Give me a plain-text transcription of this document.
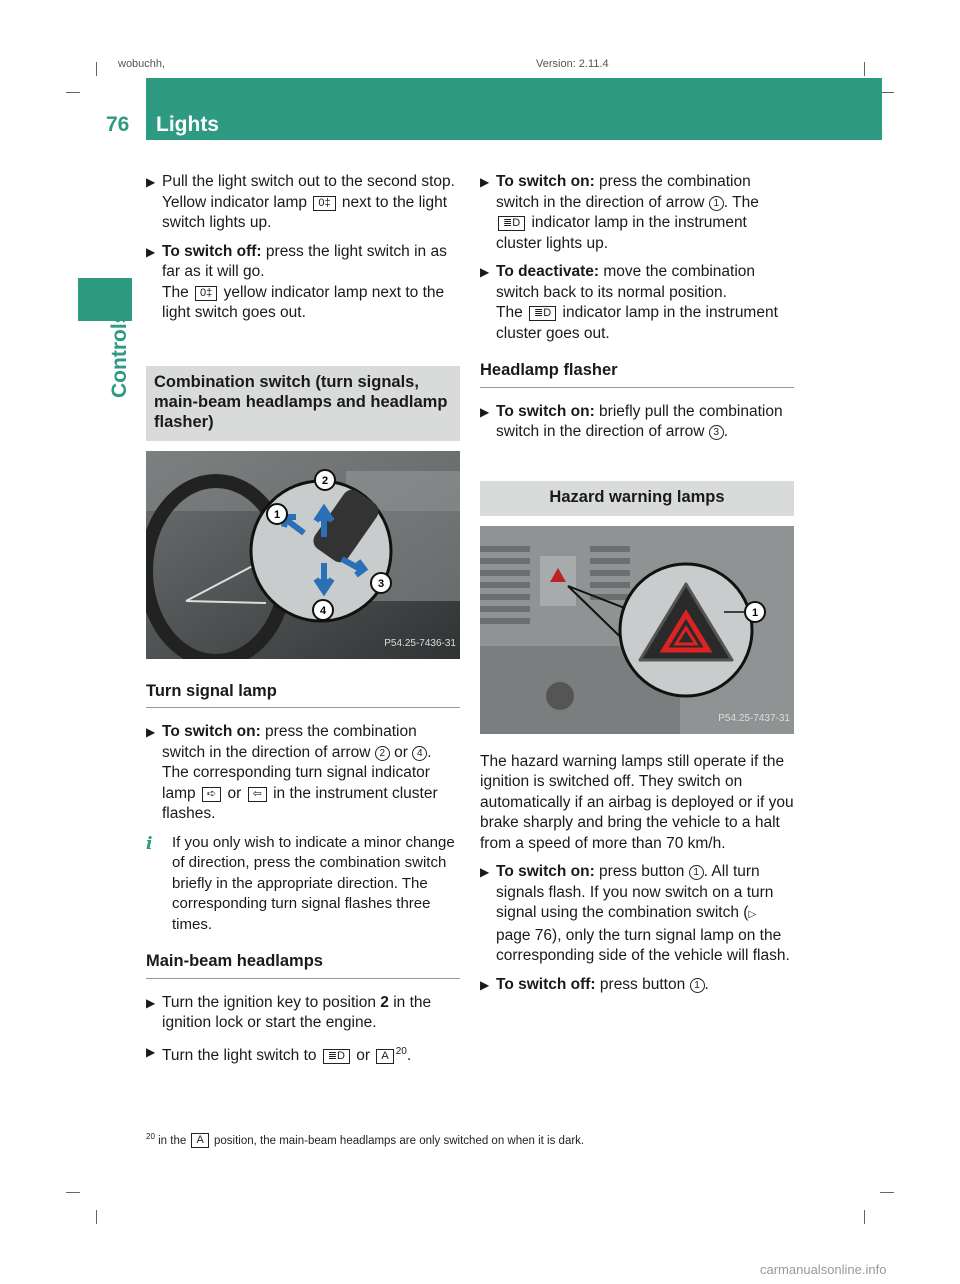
wobuchh,	Version: 2.11.4
76 Lights
Controls
▶ Pull the light switch out to the second stop. Yellow indicator lamp 0‡ next to the light switch lights up.
▶ To switch off: press the light switch in as far as it will go.
The 0‡ yellow indicator lamp next to the light switch goes out.
Combination switch (turn signals, main-beam headlamps and headlamp flasher)
1
2
3
4
P54.25-7436-31
Turn signal lamp
▶ To switch on: press the combination switch in the direction of arrow 2 or 4 . The corresponding turn signal indicator lamp ➪ or ⇦ in the instrument cluster flashes.
i If you only wish to indicate a minor change of direction, press the combination switch briefly in the appropriate direction. The corresponding turn signal flashes three times.
Main-beam headlamps
▶ Turn the ignition key to position 2 in the ignition lock or start the engine.
▶ Turn the light switch to ≣D or A $^{20}$.
▶ To switch on: press the combination switch in the direction of arrow 1 . The ≣D indicator lamp in the instrument cluster lights up.
▶ To deactivate: move the combination switch back to its normal position.
The ≣D indicator lamp in the instrument cluster goes out.
Headlamp flasher
▶ To switch on: briefly pull the combination switch in the direction of arrow 3 .
Hazard warning lamps
1
P54.25-7437-31

The hazard warning lamps still operate if the ignition is switched off. They switch on automatically if an airbag is deployed or if you brake sharply and bring the vehicle to a halt from a speed of more than 70 km/h.

▶ To switch on: press button 1 . All turn signals flash. If you now switch on a turn signal using the combination switch (▷ page 76), only the turn signal lamp on the corresponding side of the vehicle will flash.
▶ To switch off: press button 1 .
$^{20}$ in the A position, the main-beam headlamps are only switched on when it is dark.
carmanualsonline.info
